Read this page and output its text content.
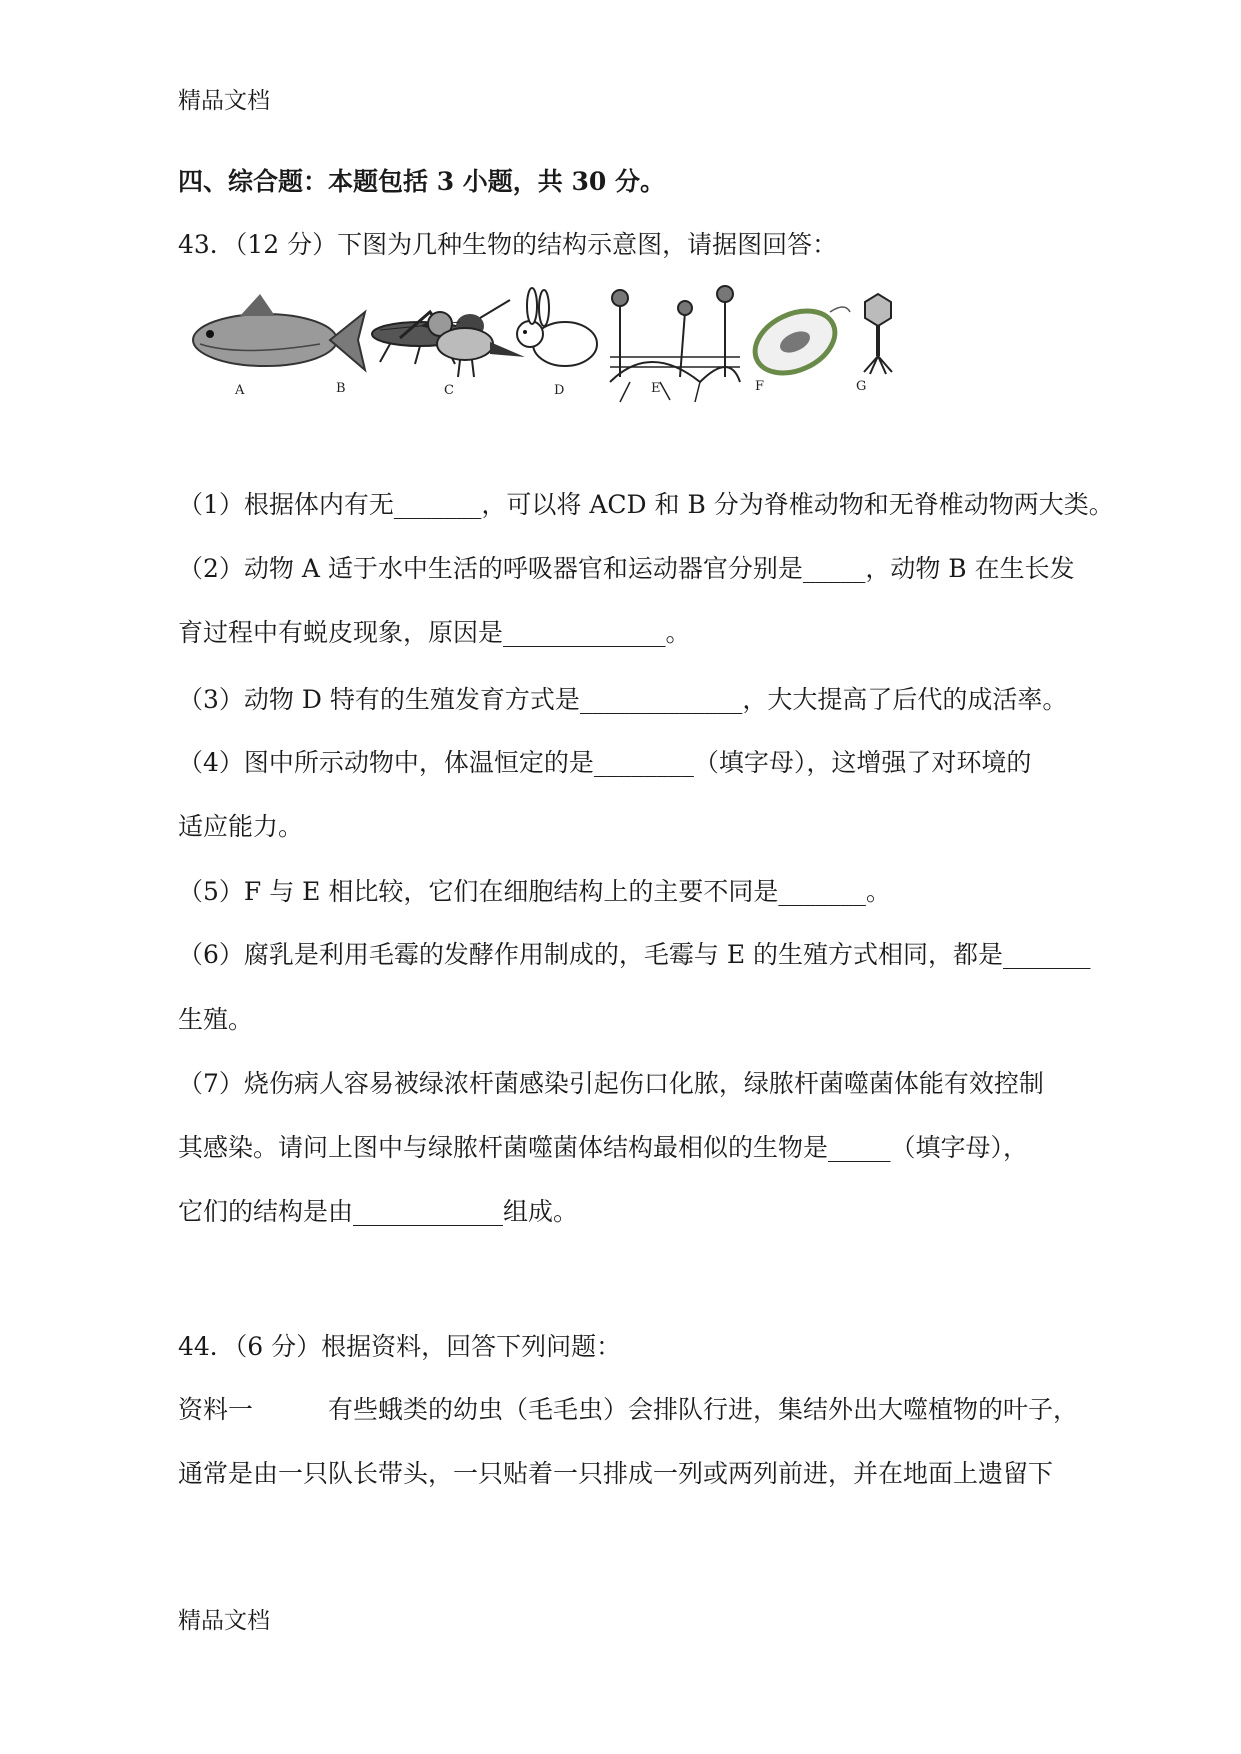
精品文档
四、综合题：本题包括 3 小题，共 30 分。
43．（12 分）下图为几种生物的结构示意图，请据图回答：
A	B	C	D	E	F	G
（1）根据体内有无_______，可以将 ACD 和 B 分为脊椎动物和无脊椎动物两大类。
（2）动物 A 适于水中生活的呼吸器官和运动器官分别是_____，动物 B 在生长发
育过程中有蜕皮现象，原因是_____________。
（3）动物 D 特有的生殖发育方式是_____________，大大提高了后代的成活率。
（4）图中所示动物中，体温恒定的是________（填字母），这增强了对环境的
适应能力。
（5）F 与 E 相比较，它们在细胞结构上的主要不同是_______。
（6）腐乳是利用毛霉的发酵作用制成的，毛霉与 E 的生殖方式相同，都是_______
生殖。
（7）烧伤病人容易被绿浓杆菌感染引起伤口化脓，绿脓杆菌噬菌体能有效控制
其感染。请问上图中与绿脓杆菌噬菌体结构最相似的生物是_____（填字母），
它们的结构是由____________组成。
44．（6 分）根据资料，回答下列问题：
资料一　　　有些蛾类的幼虫（毛毛虫）会排队行进，集结外出大噬植物的叶子，
通常是由一只队长带头，一只贴着一只排成一列或两列前进，并在地面上遗留下
精品文档
